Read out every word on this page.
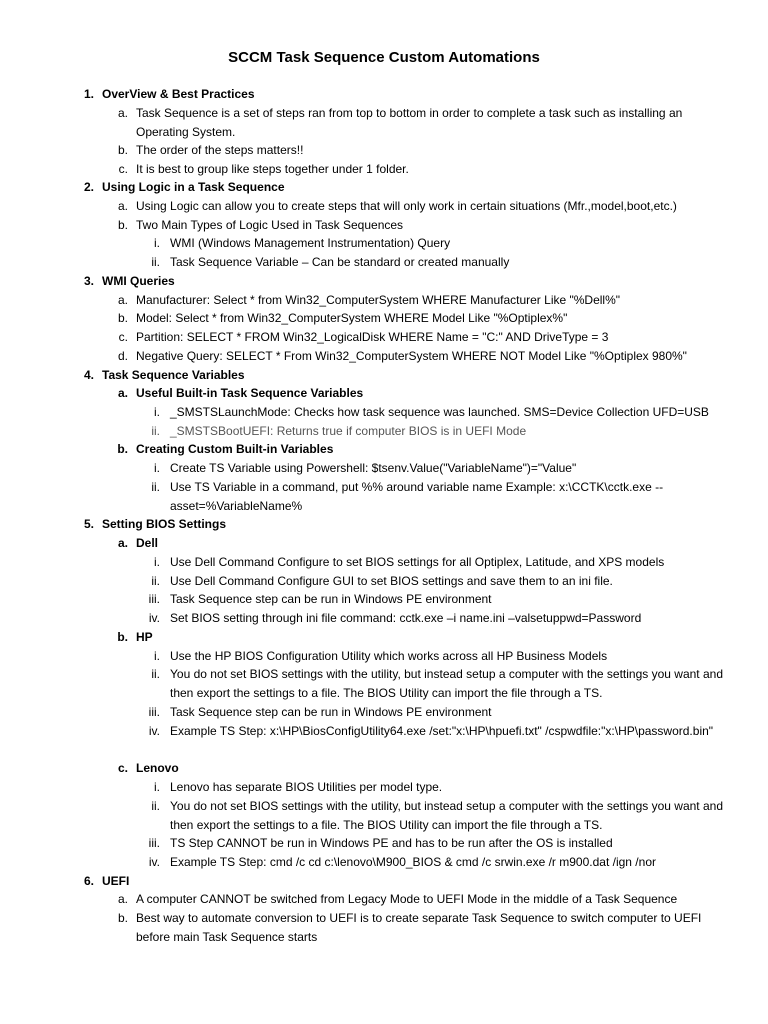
SCCM Task Sequence Custom Automations
1. OverView & Best Practices
a. Task Sequence is a set of steps ran from top to bottom in order to complete a task such as installing an Operating System.
b. The order of the steps matters!!
c. It is best to group like steps together under 1 folder.
2. Using Logic in a Task Sequence
a. Using Logic can allow you to create steps that will only work in certain situations (Mfr.,model,boot,etc.)
b. Two Main Types of Logic Used in Task Sequences
i. WMI (Windows Management Instrumentation) Query
ii. Task Sequence Variable – Can be standard or created manually
3. WMI Queries
a. Manufacturer: Select * from Win32_ComputerSystem WHERE Manufacturer Like "%Dell%"
b. Model: Select * from Win32_ComputerSystem WHERE Model Like "%Optiplex%"
c. Partition: SELECT * FROM Win32_LogicalDisk WHERE Name = "C:" AND DriveType = 3
d. Negative Query: SELECT * From Win32_ComputerSystem WHERE NOT Model Like "%Optiplex 980%"
4. Task Sequence Variables
a. Useful Built-in Task Sequence Variables
i. _SMSTSLaunchMode: Checks how task sequence was launched. SMS=Device Collection UFD=USB
ii. _SMSTSBootUEFI: Returns true if computer BIOS is in UEFI Mode
b. Creating Custom Built-in Variables
i. Create TS Variable using Powershell: $tsenv.Value("VariableName")="Value"
ii. Use TS Variable in a command, put %% around variable name Example: x:\CCTK\cctk.exe --asset=%VariableName%
5. Setting BIOS Settings
a. Dell
i. Use Dell Command Configure to set BIOS settings for all Optiplex, Latitude, and XPS models
ii. Use Dell Command Configure GUI to set BIOS settings and save them to an ini file.
iii. Task Sequence step can be run in Windows PE environment
iv. Set BIOS setting through ini file command: cctk.exe –i name.ini –valsetuppwd=Password
b. HP
i. Use the HP BIOS Configuration Utility which works across all HP Business Models
ii. You do not set BIOS settings with the utility, but instead setup a computer with the settings you want and then export the settings to a file. The BIOS Utility can import the file through a TS.
iii. Task Sequence step can be run in Windows PE environment
iv. Example TS Step: x:\HP\BiosConfigUtility64.exe /set:"x:\HP\hpuefi.txt" /cspwdfile:"x:\HP\password.bin"
c. Lenovo
i. Lenovo has separate BIOS Utilities per model type.
ii. You do not set BIOS settings with the utility, but instead setup a computer with the settings you want and then export the settings to a file. The BIOS Utility can import the file through a TS.
iii. TS Step CANNOT be run in Windows PE and has to be run after the OS is installed
iv. Example TS Step: cmd /c cd c:\lenovo\M900_BIOS & cmd /c srwin.exe /r m900.dat /ign /nor
6. UEFI
a. A computer CANNOT be switched from Legacy Mode to UEFI Mode in the middle of a Task Sequence
b. Best way to automate conversion to UEFI is to create separate Task Sequence to switch computer to UEFI before main Task Sequence starts
